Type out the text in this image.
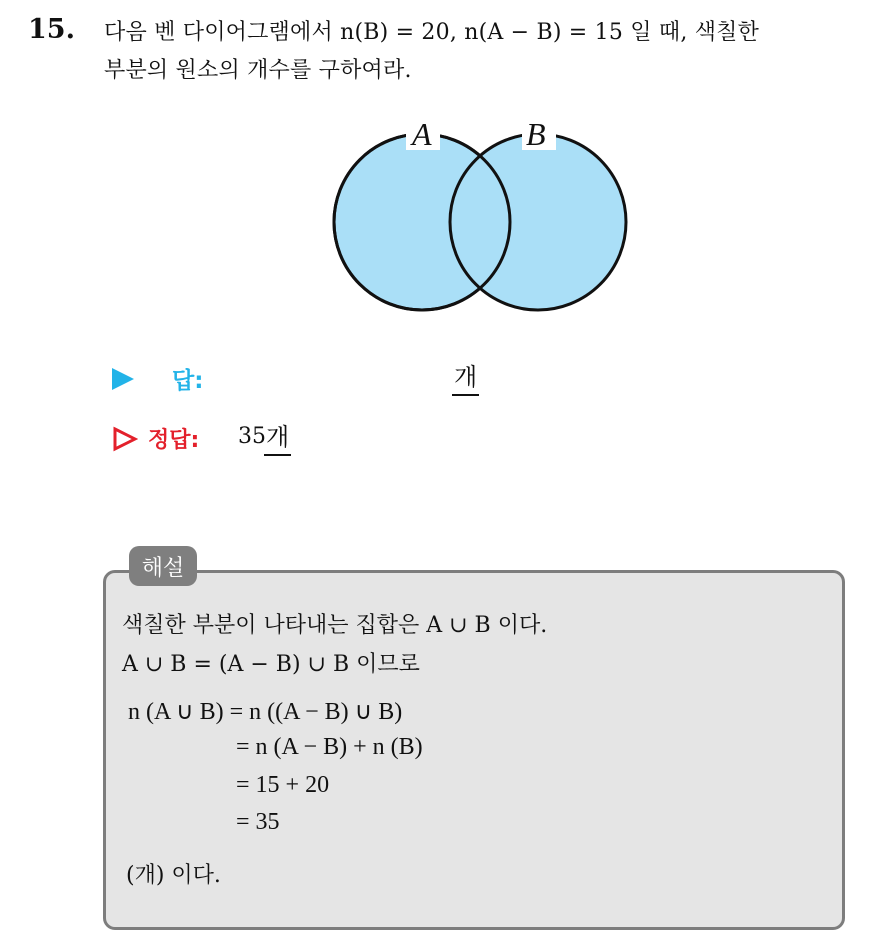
15. 다음 벤 다이어그램에서 n(B) = 20, n(A − B) = 15 일 때, 색칠한
부분의 원소의 개수를 구하여라.
A	B
답:	개
정답: 35 개
해설
색칠한 부분이 나타내는 집합은 A ∪ B 이다.
A ∪ B = (A − B) ∪ B 이므로
n (A ∪ B) = n ((A − B) ∪ B)
= n (A − B) + n (B)
= 15 + 20
= 35
(개) 이다.
